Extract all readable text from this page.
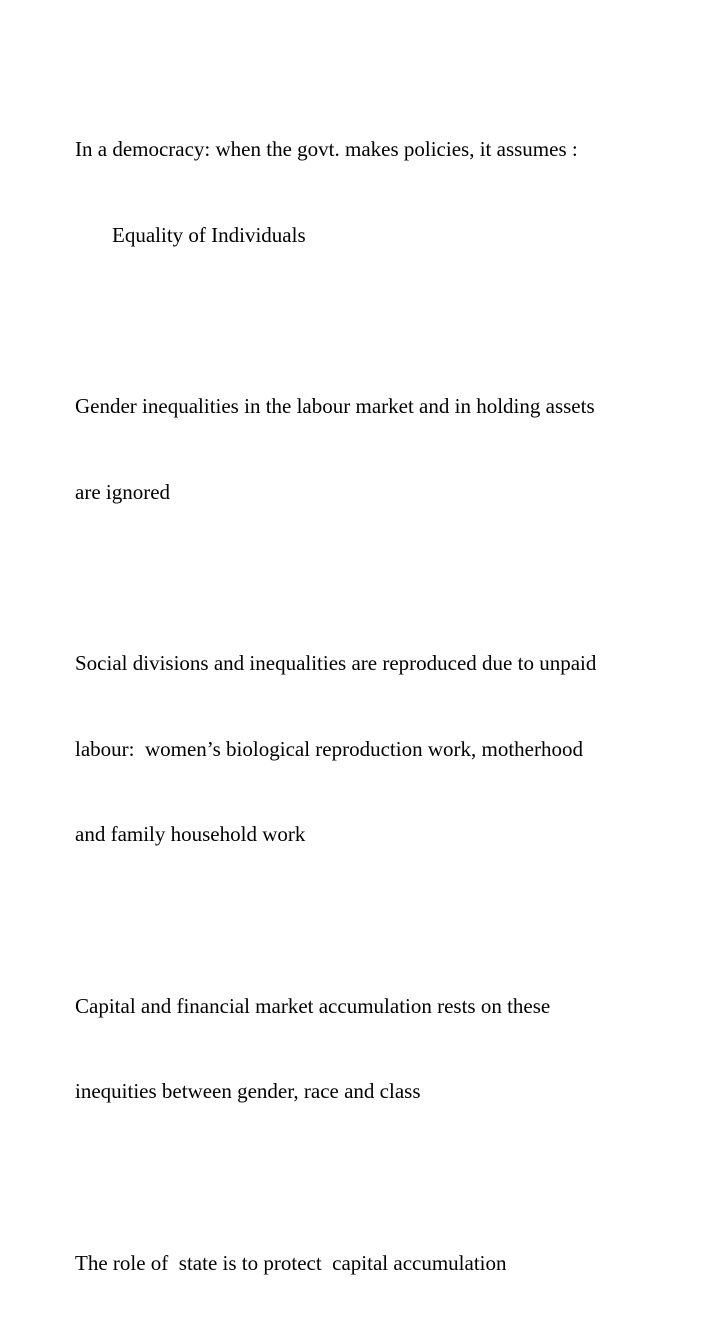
In a democracy: when the govt. makes policies, it assumes :

Equality of Individuals

Gender inequalities in the labour market and in holding assets

are ignored

Social divisions and inequalities are reproduced due to unpaid

labour:  women’s biological reproduction work, motherhood

and family household work

Capital and financial market accumulation rests on these

inequities between gender, race and class

The role of  state is to protect  capital accumulation
